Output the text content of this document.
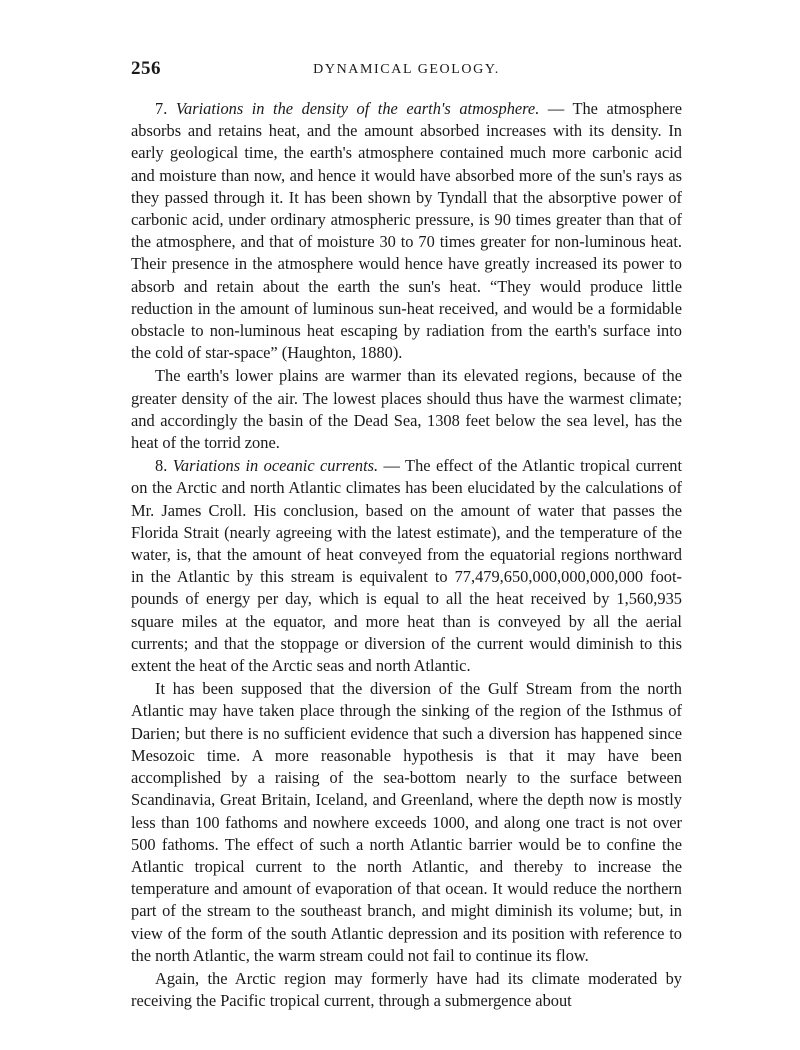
256	DYNAMICAL GEOLOGY.

7. Variations in the density of the earth's atmosphere. — The atmosphere absorbs and retains heat, and the amount absorbed increases with its density. In early geological time, the earth's atmosphere contained much more carbonic acid and moisture than now, and hence it would have absorbed more of the sun's rays as they passed through it. It has been shown by Tyndall that the absorptive power of carbonic acid, under ordinary atmospheric pressure, is 90 times greater than that of the atmosphere, and that of moisture 30 to 70 times greater for non-luminous heat. Their presence in the atmosphere would hence have greatly increased its power to absorb and retain about the earth the sun's heat. “They would produce little reduction in the amount of luminous sun-heat received, and would be a formidable obstacle to non-luminous heat escaping by radiation from the earth's surface into the cold of star-space” (Haughton, 1880).

The earth's lower plains are warmer than its elevated regions, because of the greater density of the air. The lowest places should thus have the warmest climate; and accordingly the basin of the Dead Sea, 1308 feet below the sea level, has the heat of the torrid zone.

8. Variations in oceanic currents. — The effect of the Atlantic tropical current on the Arctic and north Atlantic climates has been elucidated by the calculations of Mr. James Croll. His conclusion, based on the amount of water that passes the Florida Strait (nearly agreeing with the latest estimate), and the temperature of the water, is, that the amount of heat conveyed from the equatorial regions northward in the Atlantic by this stream is equivalent to 77,479,650,000,000,000,000 foot-pounds of energy per day, which is equal to all the heat received by 1,560,935 square miles at the equator, and more heat than is conveyed by all the aerial currents; and that the stoppage or diversion of the current would diminish to this extent the heat of the Arctic seas and north Atlantic.

It has been supposed that the diversion of the Gulf Stream from the north Atlantic may have taken place through the sinking of the region of the Isthmus of Darien; but there is no sufficient evidence that such a diversion has happened since Mesozoic time. A more reasonable hypothesis is that it may have been accomplished by a raising of the sea-bottom nearly to the surface between Scandinavia, Great Britain, Iceland, and Greenland, where the depth now is mostly less than 100 fathoms and nowhere exceeds 1000, and along one tract is not over 500 fathoms. The effect of such a north Atlantic barrier would be to confine the Atlantic tropical current to the north Atlantic, and thereby to increase the temperature and amount of evaporation of that ocean. It would reduce the northern part of the stream to the southeast branch, and might diminish its volume; but, in view of the form of the south Atlantic depression and its position with reference to the north Atlantic, the warm stream could not fail to continue its flow.

Again, the Arctic region may formerly have had its climate moderated by receiving the Pacific tropical current, through a submergence about
